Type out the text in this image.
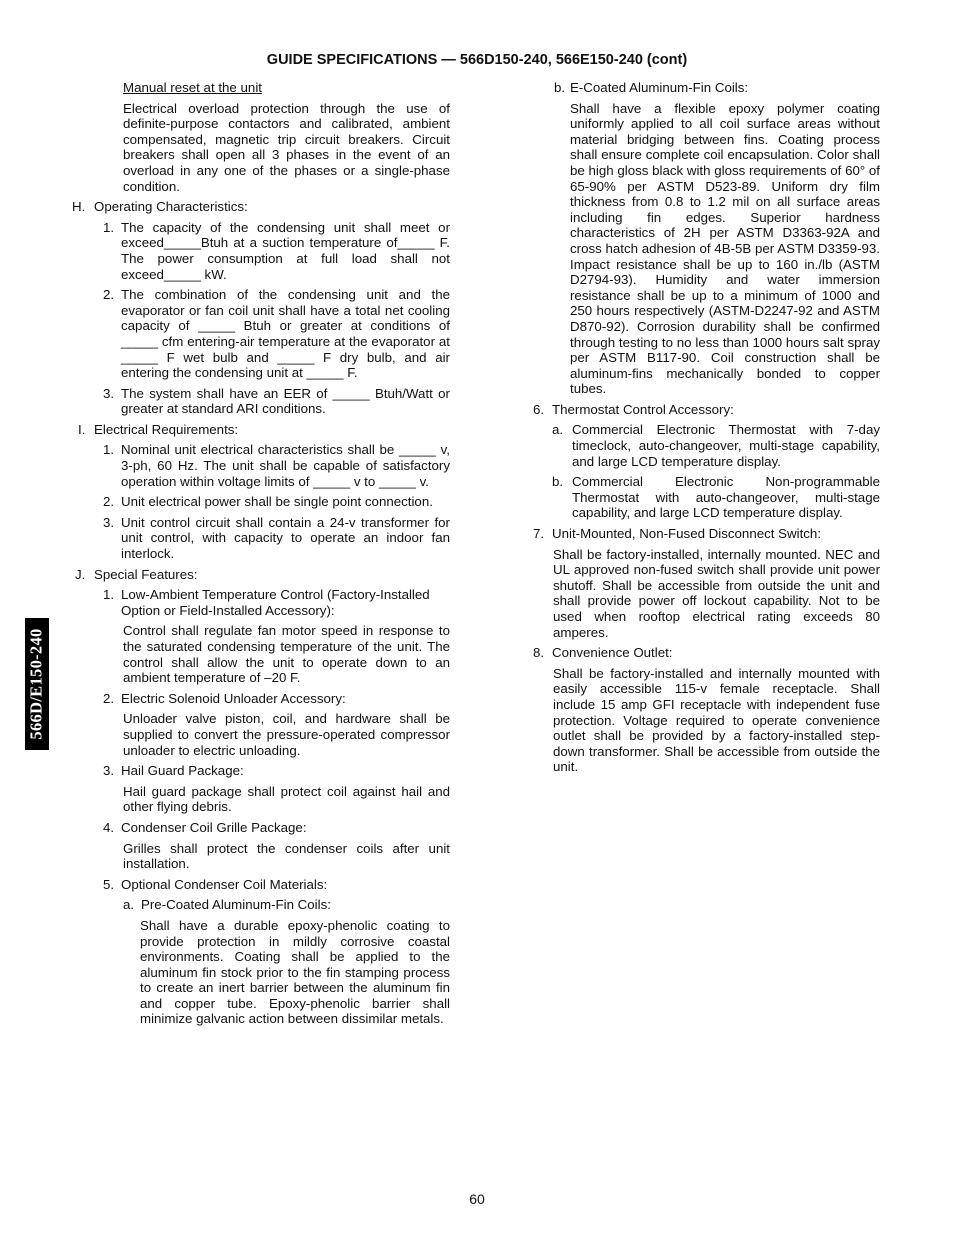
GUIDE SPECIFICATIONS — 566D150-240, 566E150-240 (cont)
Manual reset at the unit
Electrical overload protection through the use of definite-purpose contactors and calibrated, ambient compensated, magnetic trip circuit breakers. Circuit breakers shall open all 3 phases in the event of an overload in any one of the phases or a single-phase condition.
H. Operating Characteristics:
1. The capacity of the condensing unit shall meet or exceed_____Btuh at a suction temperature of_____ F. The power consumption at full load shall not exceed_____ kW.
2. The combination of the condensing unit and the evaporator or fan coil unit shall have a total net cooling capacity of _____ Btuh or greater at conditions of _____ cfm entering-air temperature at the evaporator at _____ F wet bulb and _____ F dry bulb, and air entering the condensing unit at _____ F.
3. The system shall have an EER of _____ Btuh/Watt or greater at standard ARI conditions.
I. Electrical Requirements:
1. Nominal unit electrical characteristics shall be _____ v, 3-ph, 60 Hz. The unit shall be capable of satisfactory operation within voltage limits of _____ v to _____ v.
2. Unit electrical power shall be single point connection.
3. Unit control circuit shall contain a 24-v transformer for unit control, with capacity to operate an indoor fan interlock.
J. Special Features:
1. Low-Ambient Temperature Control (Factory-Installed Option or Field-Installed Accessory):
Control shall regulate fan motor speed in response to the saturated condensing temperature of the unit. The control shall allow the unit to operate down to an ambient temperature of –20 F.
2. Electric Solenoid Unloader Accessory:
Unloader valve piston, coil, and hardware shall be supplied to convert the pressure-operated compressor unloader to electric unloading.
3. Hail Guard Package:
Hail guard package shall protect coil against hail and other flying debris.
4. Condenser Coil Grille Package:
Grilles shall protect the condenser coils after unit installation.
5. Optional Condenser Coil Materials:
a. Pre-Coated Aluminum-Fin Coils:
Shall have a durable epoxy-phenolic coating to provide protection in mildly corrosive coastal environments. Coating shall be applied to the aluminum fin stock prior to the fin stamping process to create an inert barrier between the aluminum fin and copper tube. Epoxy-phenolic barrier shall minimize galvanic action between dissimilar metals.
b. E-Coated Aluminum-Fin Coils:
Shall have a flexible epoxy polymer coating uniformly applied to all coil surface areas without material bridging between fins. Coating process shall ensure complete coil encapsulation. Color shall be high gloss black with gloss requirements of 60° of 65-90% per ASTM D523-89. Uniform dry film thickness from 0.8 to 1.2 mil on all surface areas including fin edges. Superior hardness characteristics of 2H per ASTM D3363-92A and cross hatch adhesion of 4B-5B per ASTM D3359-93. Impact resistance shall be up to 160 in./lb (ASTM D2794-93). Humidity and water immersion resistance shall be up to a minimum of 1000 and 250 hours respectively (ASTM-D2247-92 and ASTM D870-92). Corrosion durability shall be confirmed through testing to no less than 1000 hours salt spray per ASTM B117-90. Coil construction shall be aluminum-fins mechanically bonded to copper tubes.
6. Thermostat Control Accessory:
a. Commercial Electronic Thermostat with 7-day timeclock, auto-changeover, multi-stage capability, and large LCD temperature display.
b. Commercial Electronic Non-programmable Thermostat with auto-changeover, multi-stage capability, and large LCD temperature display.
7. Unit-Mounted, Non-Fused Disconnect Switch:
Shall be factory-installed, internally mounted. NEC and UL approved non-fused switch shall provide unit power shutoff. Shall be accessible from outside the unit and shall provide power off lockout capability. Not to be used when rooftop electrical rating exceeds 80 amperes.
8. Convenience Outlet:
Shall be factory-installed and internally mounted with easily accessible 115-v female receptacle. Shall include 15 amp GFI receptacle with independent fuse protection. Voltage required to operate convenience outlet shall be provided by a factory-installed step-down transformer. Shall be accessible from outside the unit.
566D/E150-240
60
